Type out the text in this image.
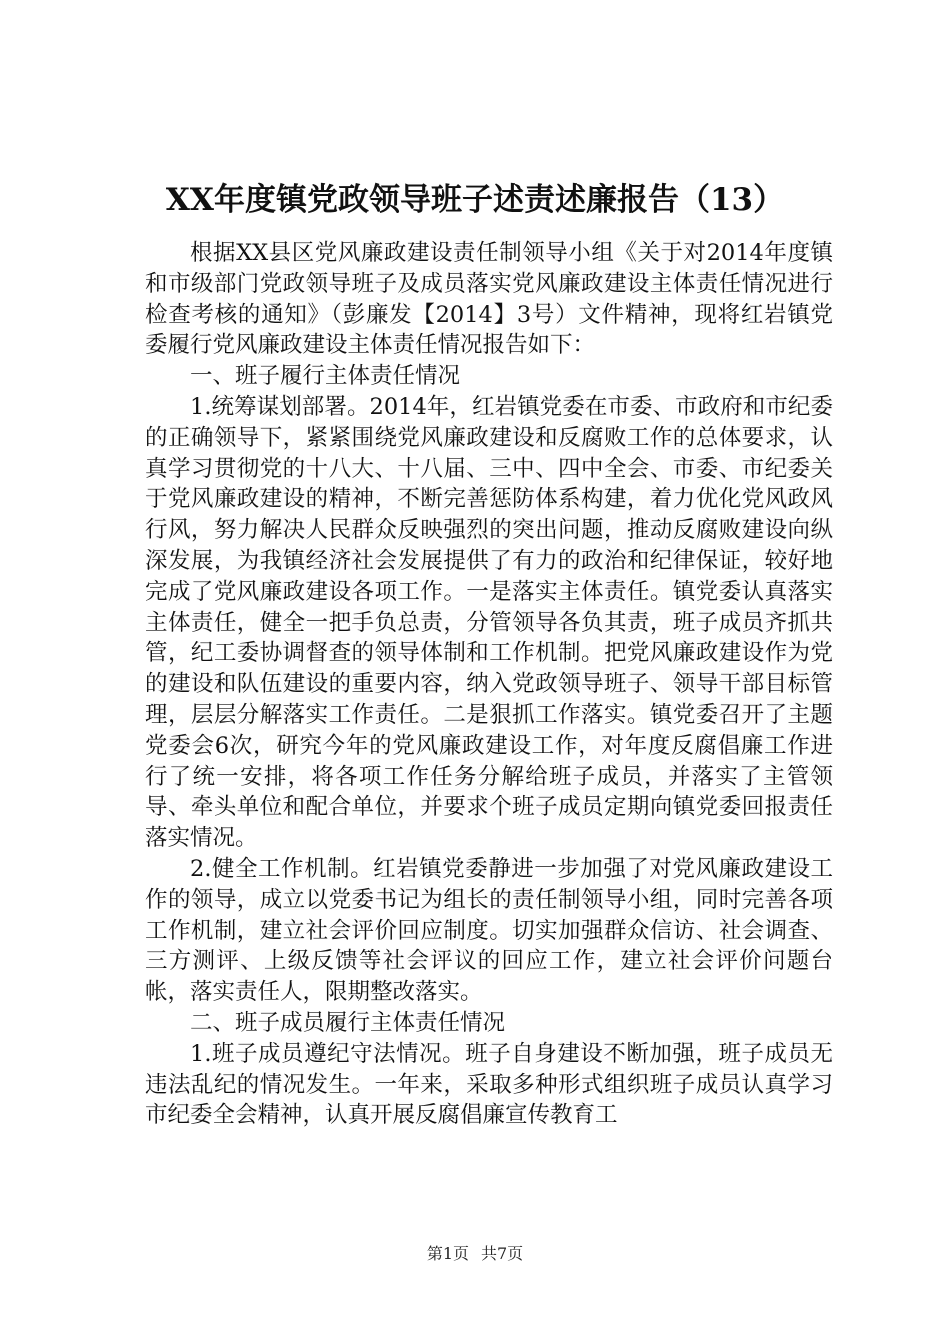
XX年度镇党政领导班子述责述廉报告（13）

根据XX县区党风廉政建设责任制领导小组《关于对2014年度镇和市级部门党政领导班子及成员落实党风廉政建设主体责任情况进行检查考核的通知》（彭廉发【2014】3号）文件精神，现将红岩镇党委履行党风廉政建设主体责任情况报告如下：

一、班子履行主体责任情况

1.统筹谋划部署。2014年，红岩镇党委在市委、市政府和市纪委的正确领导下，紧紧围绕党风廉政建设和反腐败工作的总体要求，认真学习贯彻党的十八大、十八届、三中、四中全会、市委、市纪委关于党风廉政建设的精神，不断完善惩防体系构建，着力优化党风政风行风，努力解决人民群众反映强烈的突出问题，推动反腐败建设向纵深发展，为我镇经济社会发展提供了有力的政治和纪律保证，较好地完成了党风廉政建设各项工作。一是落实主体责任。镇党委认真落实主体责任，健全一把手负总责，分管领导各负其责，班子成员齐抓共管，纪工委协调督查的领导体制和工作机制。把党风廉政建设作为党的建设和队伍建设的重要内容，纳入党政领导班子、领导干部目标管理，层层分解落实工作责任。二是狠抓工作落实。镇党委召开了主题党委会6次，研究今年的党风廉政建设工作，对年度反腐倡廉工作进行了统一安排，将各项工作任务分解给班子成员，并落实了主管领导、牵头单位和配合单位，并要求个班子成员定期向镇党委回报责任落实情况。

2.健全工作机制。红岩镇党委静进一步加强了对党风廉政建设工作的领导，成立以党委书记为组长的责任制领导小组，同时完善各项工作机制，建立社会评价回应制度。切实加强群众信访、社会调查、三方测评、上级反馈等社会评议的回应工作，建立社会评价问题台帐，落实责任人，限期整改落实。

二、班子成员履行主体责任情况

1.班子成员遵纪守法情况。班子自身建设不断加强，班子成员无违法乱纪的情况发生。一年来，采取多种形式组织班子成员认真学习市纪委全会精神，认真开展反腐倡廉宣传教育工

第1页 共7页
